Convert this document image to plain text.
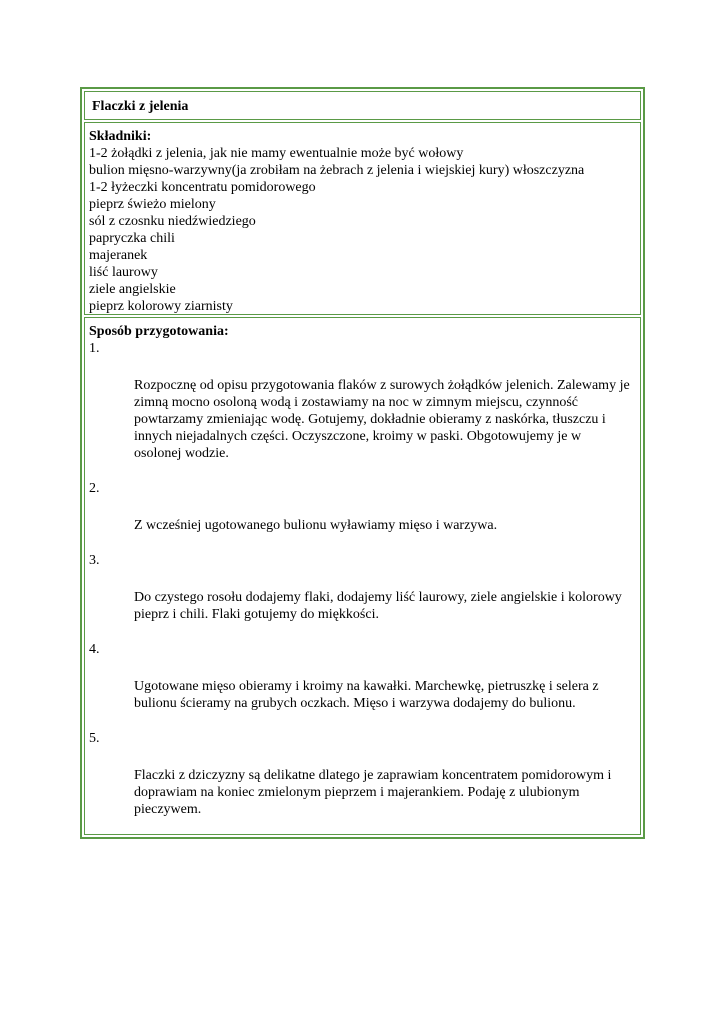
Flaczki z jelenia
Składniki:
1-2 żołądki z jelenia, jak nie mamy ewentualnie może być wołowy
bulion mięsno-warzywny(ja zrobiłam na żebrach z jelenia i wiejskiej kury) włoszczyzna
1-2 łyżeczki koncentratu pomidorowego
pieprz świeżo mielony
sól z czosnku niedźwiedziego
papryczka chili
majeranek
liść laurowy
ziele angielskie
pieprz kolorowy ziarnisty
Sposób przygotowania:
1.
Rozpocznę od opisu przygotowania flaków z surowych żołądków jelenich. Zalewamy je zimną mocno osoloną wodą i zostawiamy na noc w zimnym miejscu, czynność powtarzamy zmieniając wodę. Gotujemy, dokładnie obieramy z naskórka, tłuszczu i innych niejadalnych części. Oczyszczone, kroimy w paski. Obgotowujemy je w osolonej wodzie.
2.
Z wcześniej ugotowanego bulionu wyławiamy mięso i warzywa.
3.
Do czystego rosołu dodajemy flaki, dodajemy liść laurowy, ziele angielskie i kolorowy pieprz i chili. Flaki gotujemy do miękkości.
4.
Ugotowane mięso obieramy i kroimy na kawałki. Marchewkę, pietruszkę i selera z bulionu ścieramy na grubych oczkach. Mięso i warzywa dodajemy do bulionu.
5.
Flaczki z dziczyzny są delikatne dlatego je zaprawiam koncentratem pomidorowym i doprawiam na koniec zmielonym pieprzem i majerankiem. Podaję z ulubionym pieczywem.
